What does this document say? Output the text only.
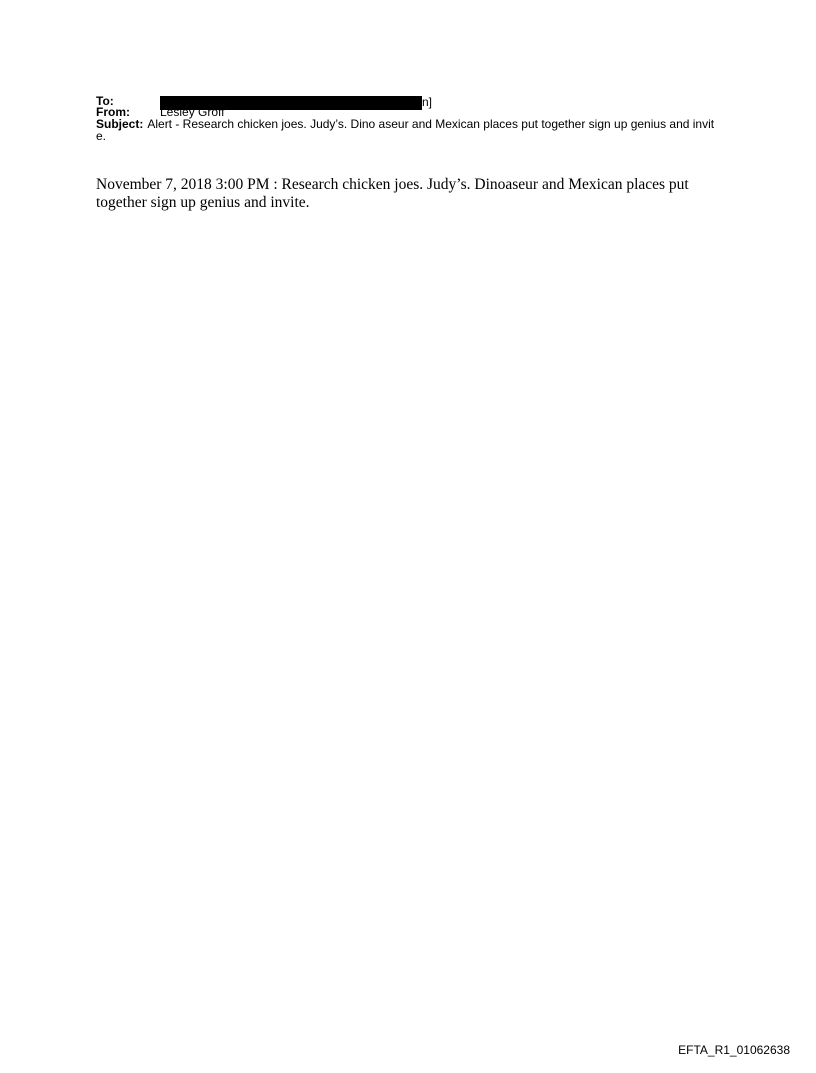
To:	n]
From:	Lesley Groff
Subject: Alert - Research chicken joes. Judy’s. Dino aseur and Mexican places put together sign up genius and invit e.
November 7, 2018 3:00 PM : Research chicken joes. Judy’s. Dinoaseur and Mexican places put together sign up genius and invite.
EFTA_R1_01062638
